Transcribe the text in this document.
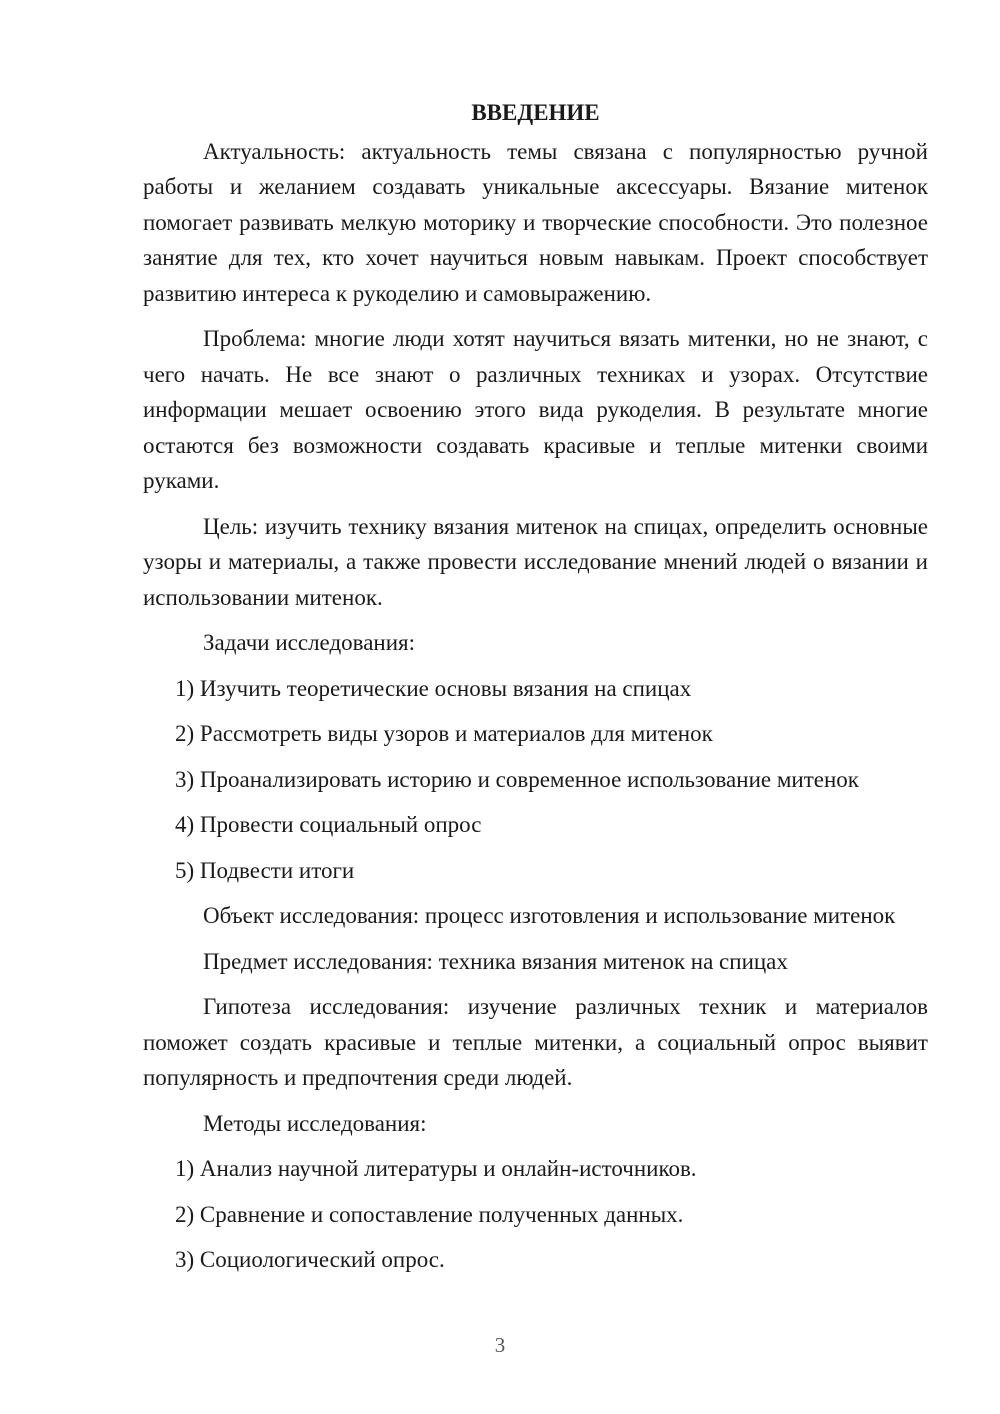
ВВЕДЕНИЕ

Актуальность: актуальность темы связана с популярностью ручной работы и желанием создавать уникальные аксессуары. Вязание митенок помогает развивать мелкую моторику и творческие способности. Это полезное занятие для тех, кто хочет научиться новым навыкам. Проект способствует развитию интереса к рукоделию и самовыражению.

Проблема: многие люди хотят научиться вязать митенки, но не знают, с чего начать. Не все знают о различных техниках и узорах. Отсутствие информации мешает освоению этого вида рукоделия. В результате многие остаются без возможности создавать красивые и теплые митенки своими руками.

Цель: изучить технику вязания митенок на спицах, определить основные узоры и материалы, а также провести исследование мнений людей о вязании и использовании митенок.

Задачи исследования:

1) Изучить теоретические основы вязания на спицах
2) Рассмотреть виды узоров и материалов для митенок
3) Проанализировать историю и современное использование митенок
4) Провести социальный опрос
5) Подвести итоги

Объект исследования: процесс изготовления и использование митенок

Предмет исследования: техника вязания митенок на спицах

Гипотеза исследования: изучение различных техник и материалов поможет создать красивые и теплые митенки, а социальный опрос выявит популярность и предпочтения среди людей.

Методы исследования:

1) Анализ научной литературы и онлайн-источников.
2) Сравнение и сопоставление полученных данных.
3) Социологический опрос.
3
